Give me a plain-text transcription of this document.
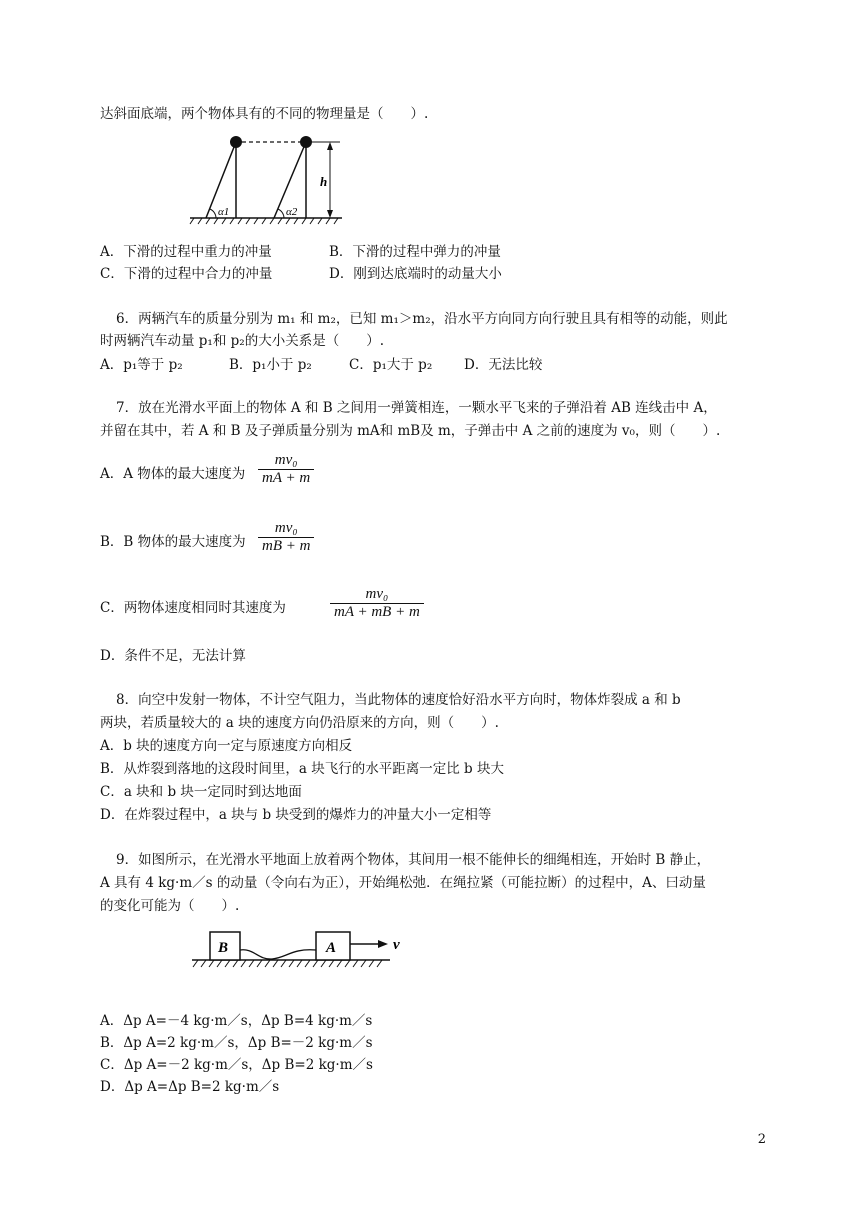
达斜面底端，两个物体具有的不同的物理量是（　　）.
h
α1	α2
A．下滑的过程中重力的冲量	B．下滑的过程中弹力的冲量
C．下滑的过程中合力的冲量	D．刚到达底端时的动量大小
6．两辆汽车的质量分别为 m₁ 和 m₂，已知 m₁＞m₂，沿水平方向同方向行驶且具有相等的动能，则此
时两辆汽车动量 p₁和 p₂的大小关系是（　　）.
A．p₁等于 p₂	B．p₁小于 p₂	C．p₁大于 p₂ D．无法比较
7．放在光滑水平面上的物体 A 和 B 之间用一弹簧相连，一颗水平飞来的子弹沿着 AB 连线击中 A，
并留在其中，若 A 和 B 及子弹质量分别为 mA和 mB及 m，子弹击中 A 之前的速度为 v₀，则（　　）.
A．A 物体的最大速度为
mv₀
mA + m
B．B 物体的最大速度为
mv₀
mB + m
C．两物体速度相同时其速度为
mv₀
mA + mB + m
D．条件不足，无法计算
8．向空中发射一物体，不计空气阻力，当此物体的速度恰好沿水平方向时，物体炸裂成 a 和 b
两块，若质量较大的 a 块的速度方向仍沿原来的方向，则（　　）.
A．b 块的速度方向一定与原速度方向相反
B．从炸裂到落地的这段时间里，a 块飞行的水平距离一定比 b 块大
C．a 块和 b 块一定同时到达地面
D．在炸裂过程中，a 块与 b 块受到的爆炸力的冲量大小一定相等
9．如图所示，在光滑水平地面上放着两个物体，其间用一根不能伸长的细绳相连，开始时 B 静止，
A 具有 4 kg·m／s 的动量（令向右为正），开始绳松弛．在绳拉紧（可能拉断）的过程中，A、曰动量
的变化可能为（　　）.
B	A	v
A．Δp A=－4 kg·m／s，Δp B=4 kg·m／s
B．Δp A=2 kg·m／s，Δp B=－2 kg·m／s
C．Δp A=－2 kg·m／s，Δp B=2 kg·m／s
D．Δp A=Δp B=2 kg·m／s
2
